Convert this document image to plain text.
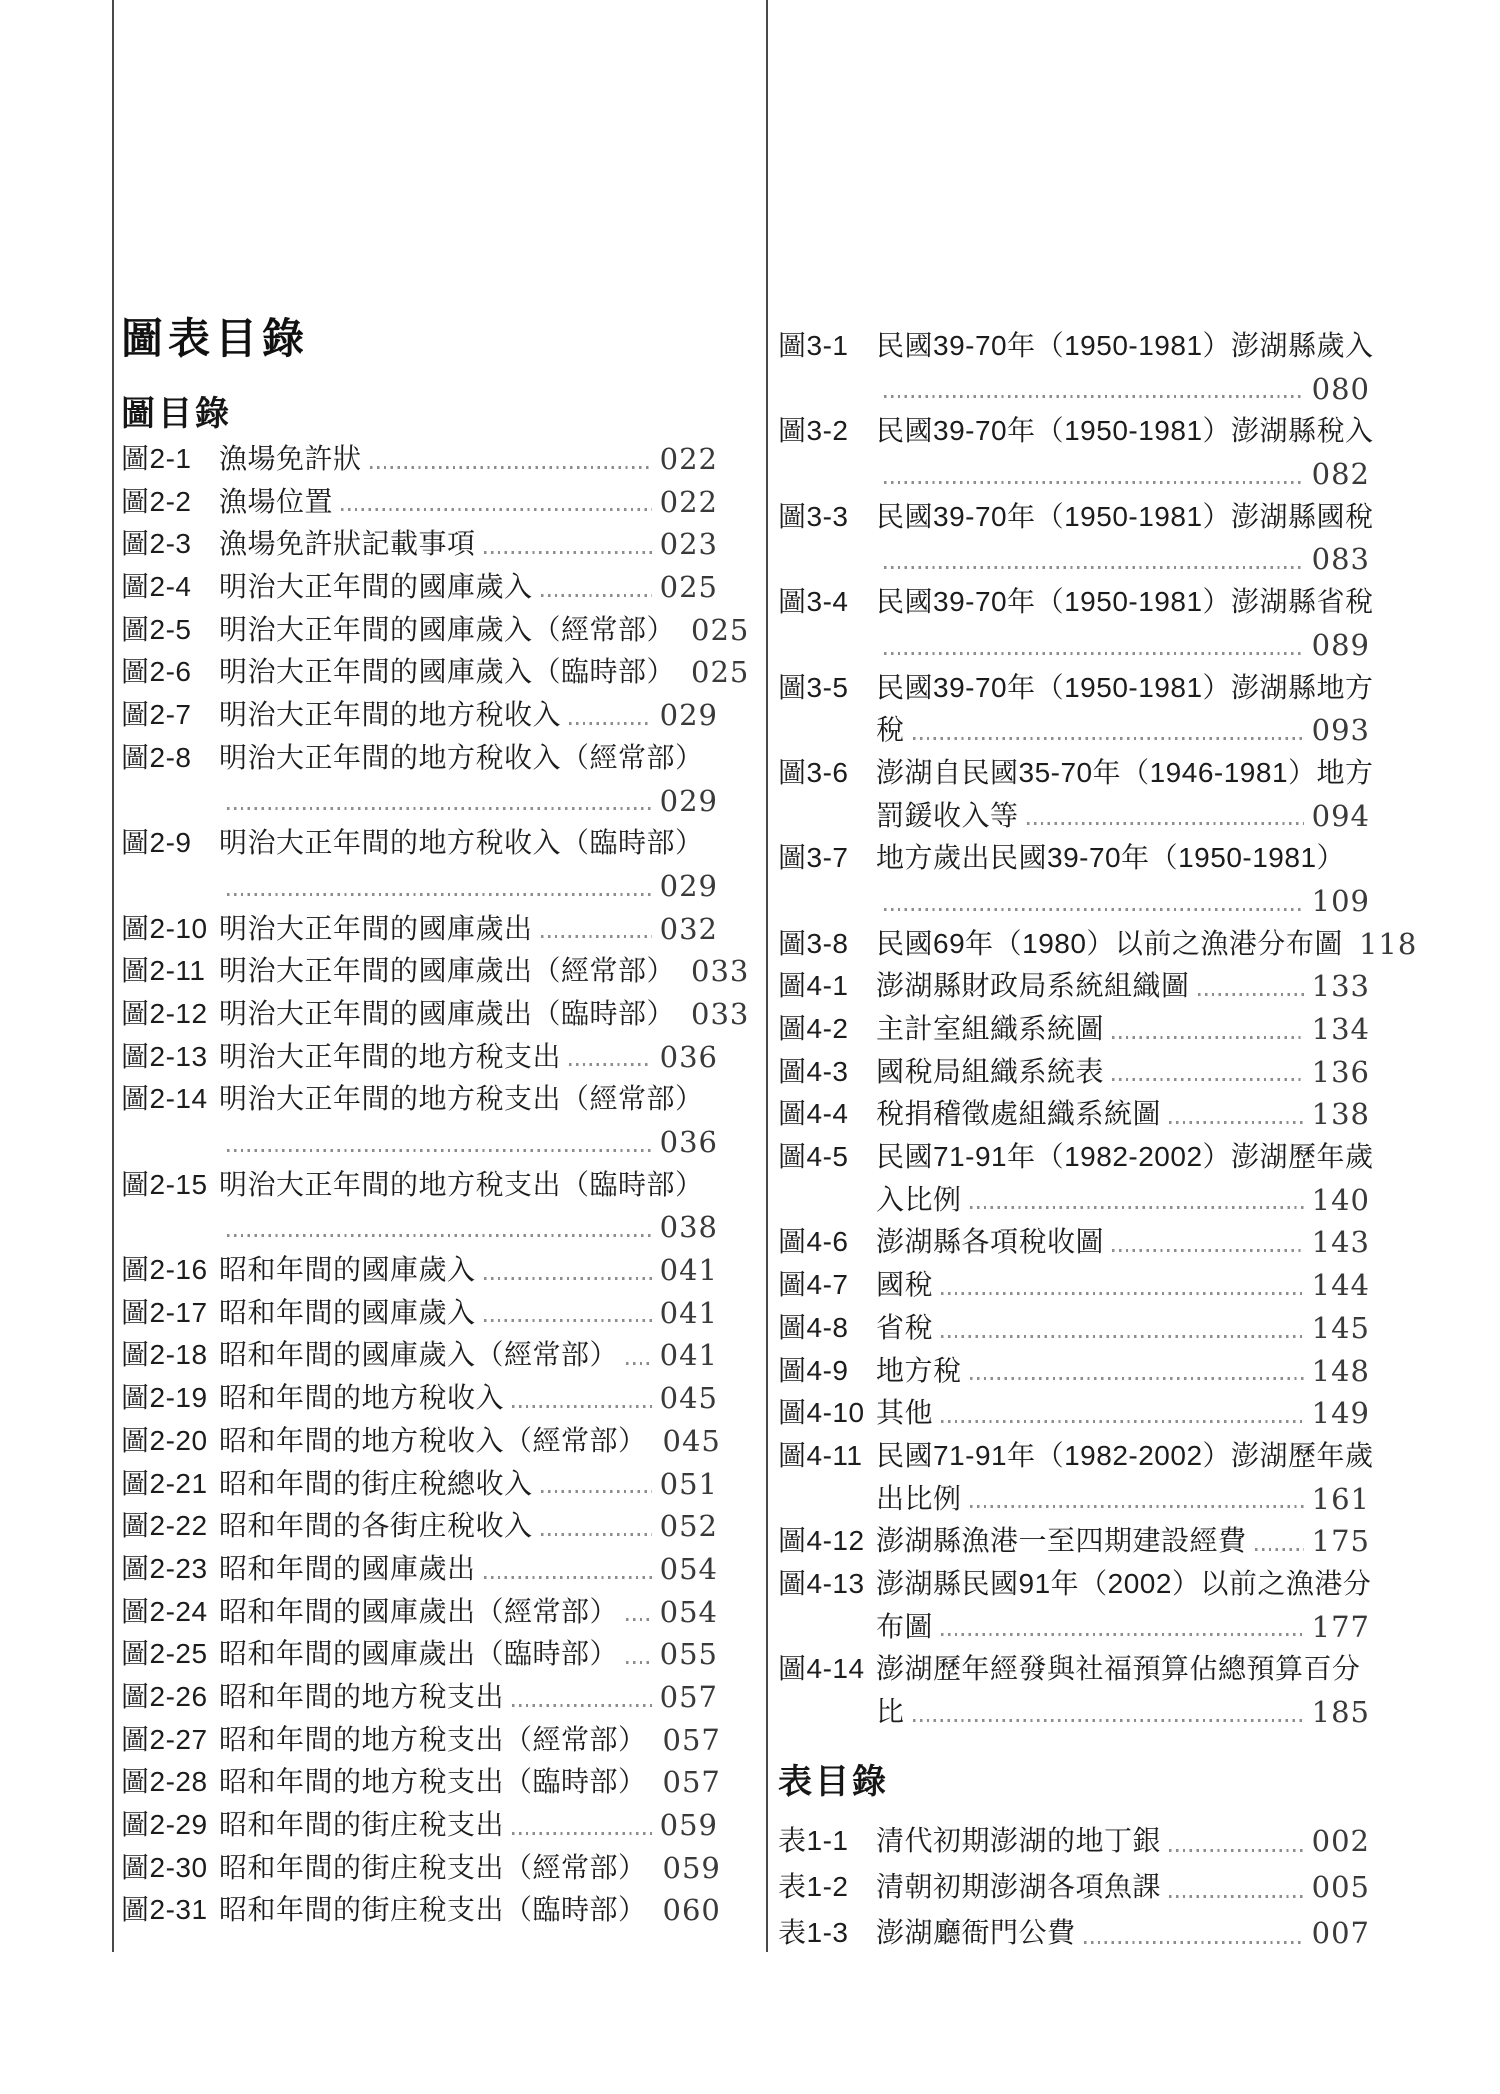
圖表目錄
圖目錄
圖2-1 漁場免許狀	022
圖2-2 漁場位置	022
圖2-3 漁場免許狀記載事項	023
圖2-4 明治大正年間的國庫歲入	025
圖2-5 明治大正年間的國庫歲入（經常部） 025
圖2-6 明治大正年間的國庫歲入（臨時部） 025
圖2-7 明治大正年間的地方稅收入	029
圖2-8 明治大正年間的地方稅收入（經常部）
029
圖2-9 明治大正年間的地方稅收入（臨時部）
029
圖2-10 明治大正年間的國庫歲出	032
圖2-11 明治大正年間的國庫歲出（經常部） 033
圖2-12 明治大正年間的國庫歲出（臨時部） 033
圖2-13 明治大正年間的地方稅支出	036
圖2-14 明治大正年間的地方稅支出（經常部）
036
圖2-15 明治大正年間的地方稅支出（臨時部）
038
圖2-16 昭和年間的國庫歲入	041
圖2-17 昭和年間的國庫歲入	041
圖2-18 昭和年間的國庫歲入（經常部） 041
圖2-19 昭和年間的地方稅收入	045
圖2-20 昭和年間的地方稅收入（經常部） 045
圖2-21 昭和年間的街庄稅總收入	051
圖2-22 昭和年間的各街庄稅收入	052
圖2-23 昭和年間的國庫歲出	054
圖2-24 昭和年間的國庫歲出（經常部） 054
圖2-25 昭和年間的國庫歲出（臨時部） 055
圖2-26 昭和年間的地方稅支出	057
圖2-27 昭和年間的地方稅支出（經常部） 057
圖2-28 昭和年間的地方稅支出（臨時部） 057
圖2-29 昭和年間的街庄稅支出	059
圖2-30 昭和年間的街庄稅支出（經常部） 059
圖2-31 昭和年間的街庄稅支出（臨時部） 060
圖3-1 民國39-70年（1950-1981）澎湖縣歲入
080
圖3-2 民國39-70年（1950-1981）澎湖縣稅入
082
圖3-3 民國39-70年（1950-1981）澎湖縣國稅
083
圖3-4 民國39-70年（1950-1981）澎湖縣省稅
089
圖3-5 民國39-70年（1950-1981）澎湖縣地方
稅	093
圖3-6 澎湖自民國35-70年（1946-1981）地方
罰鍰收入等	094
圖3-7 地方歲出民國39-70年（1950-1981）
109
圖3-8 民國69年（1980）以前之漁港分布圖 118
圖4-1 澎湖縣財政局系統組織圖	133
圖4-2 主計室組織系統圖	134
圖4-3 國稅局組織系統表	136
圖4-4 稅捐稽徵處組織系統圖	138
圖4-5 民國71-91年（1982-2002）澎湖歷年歲
入比例	140
圖4-6 澎湖縣各項稅收圖	143
圖4-7 國稅	144
圖4-8 省稅	145
圖4-9 地方稅	148
圖4-10 其他	149
圖4-11 民國71-91年（1982-2002）澎湖歷年歲
出比例	161
圖4-12 澎湖縣漁港一至四期建設經費 175
圖4-13 澎湖縣民國91年（2002）以前之漁港分
布圖	177
圖4-14 澎湖歷年經發與社福預算佔總預算百分
比	185
表目錄
表1-1 清代初期澎湖的地丁銀	002
表1-2 清朝初期澎湖各項魚課	005
表1-3 澎湖廳衙門公費	007
